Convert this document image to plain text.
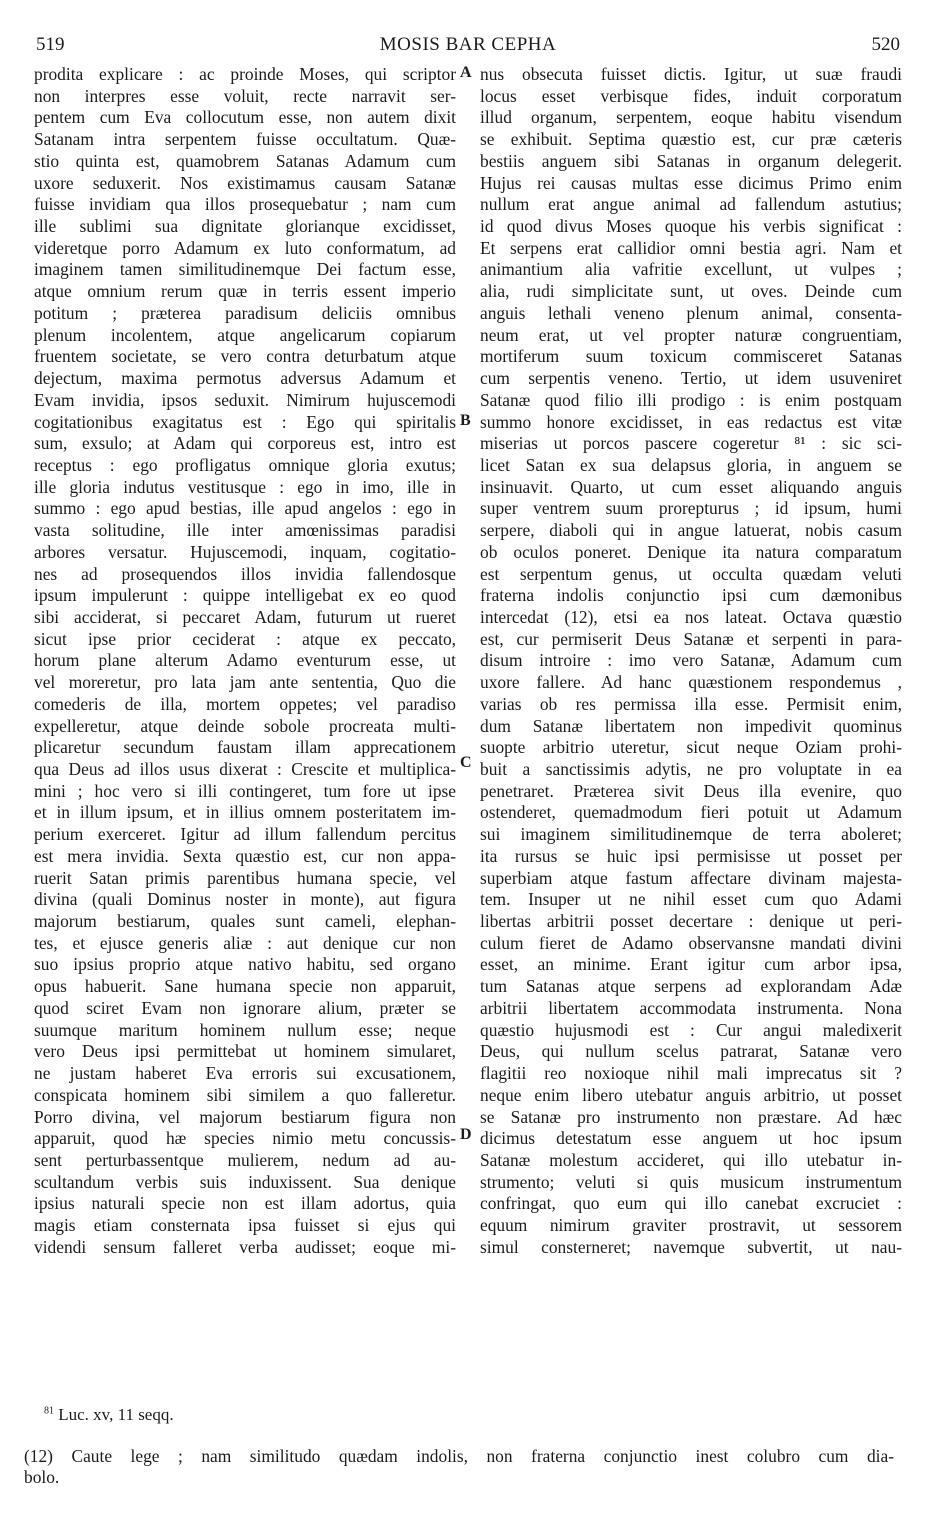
519	MOSIS BAR CEPHA	520
prodita explicare : ac proinde Moses, qui scriptor
non interpres esse voluit, recte narravit ser-
pentem cum Eva collocutum esse, non autem dixit
Satanam intra serpentem fuisse occultatum. Quæ-
stio quinta est, quamobrem Satanas Adamum cum
uxore seduxerit. Nos existimamus causam Satanæ
fuisse invidiam qua illos prosequebatur ; nam cum
ille sublimi sua dignitate glorianque excidisset,
videretque porro Adamum ex luto conformatum, ad
imaginem tamen similitudinemque Dei factum esse,
atque omnium rerum quæ in terris essent imperio
potitum ; præterea paradisum deliciis omnibus
plenum incolentem, atque angelicarum copiarum
fruentem societate, se vero contra deturbatum atque
dejectum, maxima permotus adversus Adamum et
Evam invidia, ipsos seduxit. Nimirum hujuscemodi
cogitationibus exagitatus est : Ego qui spiritalis
sum, exsulo; at Adam qui corporeus est, intro est
receptus : ego profligatus omnique gloria exutus;
ille gloria indutus vestitusque : ego in imo, ille in
summo : ego apud bestias, ille apud angelos : ego in
vasta solitudine, ille inter amœnissimas paradisi
arbores versatur. Hujuscemodi, inquam, cogitatio-
nes ad prosequendos illos invidia fallendosque
ipsum impulerunt : quippe intelligebat ex eo quod
sibi acciderat, si peccaret Adam, futurum ut rueret
sicut ipse prior ceciderat : atque ex peccato,
horum plane alterum Adamo eventurum esse, ut
vel moreretur, pro lata jam ante sententia, Quo die
comederis de illa, mortem oppetes; vel paradiso
expelleretur, atque deinde sobole procreata multi-
plicaretur secundum faustam illam apprecationem
qua Deus ad illos usus dixerat : Crescite et multiplica-
mini ; hoc vero si illi contingeret, tum fore ut ipse
et in illum ipsum, et in illius omnem posteritatem im-
perium exerceret. Igitur ad illum fallendum percitus
est mera invidia. Sexta quæstio est, cur non appa-
ruerit Satan primis parentibus humana specie, vel
divina (quali Dominus noster in monte), aut figura
majorum bestiarum, quales sunt cameli, elephan-
tes, et ejusce generis aliæ : aut denique cur non
suo ipsius proprio atque nativo habitu, sed organo
opus habuerit. Sane humana specie non apparuit,
quod sciret Evam non ignorare alium, præter se
suumque maritum hominem nullum esse; neque
vero Deus ipsi permittebat ut hominem simularet,
ne justam haberet Eva erroris sui excusationem,
conspicata hominem sibi similem a quo falleretur.
Porro divina, vel majorum bestiarum figura non
apparuit, quod hæ species nimio metu concussis-
sent perturbassentque mulierem, nedum ad au-
scultandum verbis suis induxissent. Sua denique
ipsius naturali specie non est illam adortus, quia
magis etiam consternata ipsa fuisset si ejus qui
videndi sensum falleret verba audisset; eoque mi-
A
B
C
D
nus obsecuta fuisset dictis. Igitur, ut suæ fraudi
locus esset verbisque fides, induit corporatum
illud organum, serpentem, eoque habitu visendum
se exhibuit. Septima quæstio est, cur præ cæteris
bestiis anguem sibi Satanas in organum delegerit.
Hujus rei causas multas esse dicimus Primo enim
nullum erat angue animal ad fallendum astutius;
id quod divus Moses quoque his verbis significat :
Et serpens erat callidior omni bestia agri. Nam et
animantium alia vafritie excellunt, ut vulpes ;
alia, rudi simplicitate sunt, ut oves. Deinde cum
anguis lethali veneno plenum animal, consenta-
neum erat, ut vel propter naturæ congruentiam,
mortiferum suum toxicum commisceret Satanas
cum serpentis veneno. Tertio, ut idem usuveniret
Satanæ quod filio illi prodigo : is enim postquam
summo honore excidisset, in eas redactus est vitæ
miserias ut porcos pascere cogeretur ⁸¹ : sic sci-
licet Satan ex sua delapsus gloria, in anguem se
insinuavit. Quarto, ut cum esset aliquando anguis
super ventrem suum prorepturus ; id ipsum, humi
serpere, diaboli qui in angue latuerat, nobis casum
ob oculos poneret. Denique ita natura comparatum
est serpentum genus, ut occulta quædam veluti
fraterna indolis conjunctio ipsi cum dæmonibus
intercedat (12), etsi ea nos lateat. Octava quæstio
est, cur permiserit Deus Satanæ et serpenti in para-
disum introire : imo vero Satanæ, Adamum cum
uxore fallere. Ad hanc quæstionem respondemus ,
varias ob res permissa illa esse. Permisit enim,
dum Satanæ libertatem non impedivit quominus
suopte arbitrio uteretur, sicut neque Oziam prohi-
buit a sanctissimis adytis, ne pro voluptate in ea
penetraret. Præterea sivit Deus illa evenire, quo
ostenderet, quemadmodum fieri potuit ut Adamum
sui imaginem similitudinemque de terra aboleret;
ita rursus se huic ipsi permisisse ut posset per
superbiam atque fastum affectare divinam majesta-
tem. Insuper ut ne nihil esset cum quo Adami
libertas arbitrii posset decertare : denique ut peri-
culum fieret de Adamo observansne mandati divini
esset, an minime. Erant igitur cum arbor ipsa,
tum Satanas atque serpens ad explorandam Adæ
arbitrii libertatem accommodata instrumenta. Nona
quæstio hujusmodi est : Cur angui maledixerit
Deus, qui nullum scelus patrarat, Satanæ vero
flagitii reo noxioque nihil mali imprecatus sit ?
neque enim libero utebatur anguis arbitrio, ut posset
se Satanæ pro instrumento non præstare. Ad hæc
dicimus detestatum esse anguem ut hoc ipsum
Satanæ molestum accideret, qui illo utebatur in-
strumento; veluti si quis musicum instrumentum
confringat, quo eum qui illo canebat excruciet :
equum nimirum graviter prostravit, ut sessorem
simul consterneret; navemque subvertit, ut nau-
$^{81}$ Luc. xv, 11 seqq.
(12) Caute lege ; nam similitudo quædam indolis, non fraterna conjunctio inest colubro cum dia-
bolo.
